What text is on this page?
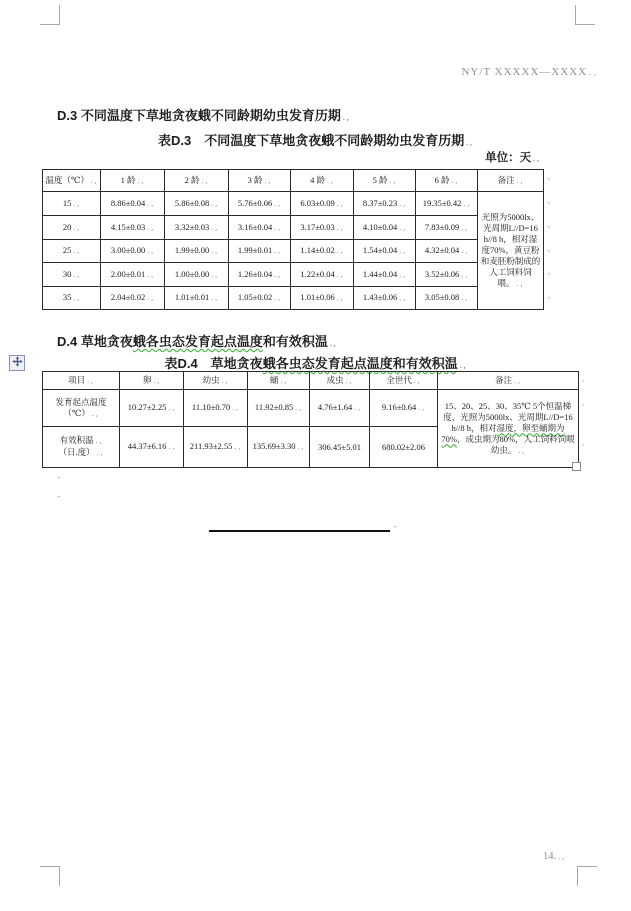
NY/T XXXXX—XXXX.,
D.3 不同温度下草地贪夜蛾不同龄期幼虫发育历期.,
表D.3　不同温度下草地贪夜蛾不同龄期幼虫发育历期.,
单位：天.,
温度（℃）.,	1 龄.,	2 龄.,	3 龄.,	4 龄.,	5 龄.,	6 龄.,	备注.,
15.,	8.86±0.04.,	5.86±0.08.,	5.76±0.06.,	6.03±0.09.,	8.37±0.23.,	19.35±0.42.,	光照为5000lx、光周期L//D=16 h//8 h，相对湿度70%，黄豆粉和麦胚粉制成的人工饲料饲喂。.,
20.,	4.15±0.03.,	3.32±0.03.,	3.16±0.04.,	3.17±0.03.,	4.10±0.04.,	7.83±0.09.,	
25.,	3.00±0.00.,	1.99±0.00.,	1.99±0.01.,	1.14±0.02.,	1.54±0.04.,	4.32±0.04.,	
30.,	2.00±0.01.,	1.00±0.00.,	1.26±0.04.,	1.22±0.04.,	1.44±0.04.,	3.52±0.06.,	
35.,	2.04±0.02.,	1.01±0.01.,	1.05±0.02.,	1.01±0.06.,	1.43±0.06.,	3.05±0.08.,	
.,
.,
.,
.,
.,
.,
D.4 草地贪夜蛾各虫态发育起点温度和有效积温.,
表D.4　草地贪夜蛾各虫态发育起点温度和有效积温.,
项目.,	卵.,	幼虫.,	蛹.,	成虫.,	全世代.,	备注.,

发育起点温度
（℃）.,	10.27±2.25.,	11.10±0.70.,	11.92±0.85.,	4.76±1.64.,	9.16±0.64.,	15、20、25、30、35℃ 5个恒温梯度，光照为5000lx、光周期L//D=16 h//8 h，相对湿度，卵至蛹期为70%，成虫期为80%，人工饲料饲喂幼虫。.,

有效积温.,
（日.度）.,	44.37±6.16.,	211.93±2.55.,	135.69±3.30.,	306.45±5.01	680.02±2.06	
.,
.,
.,
.,
.,
.,
14..,
